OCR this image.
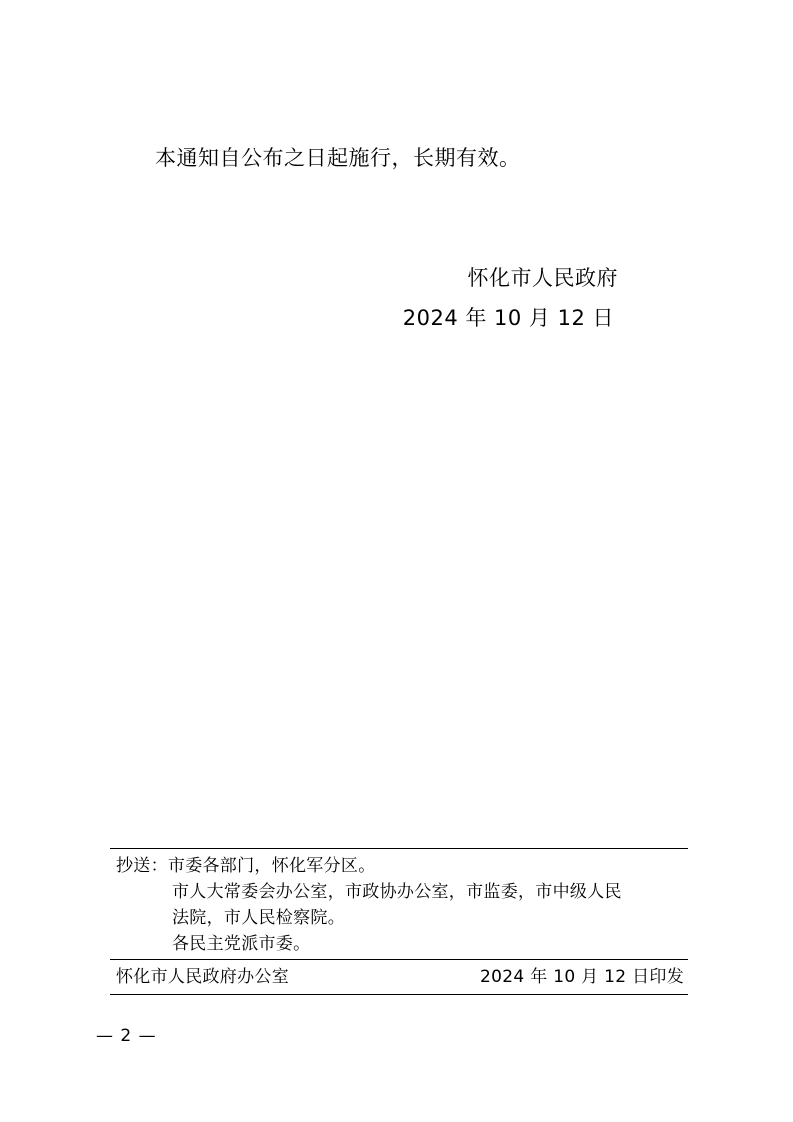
本通知自公布之日起施行，长期有效。
怀化市人民政府
2024 年 10 月 12 日
抄送： 市委各部门，怀化军分区。
市人大常委会办公室，市政协办公室，市监委，市中级人民
法院，市人民检察院。
各民主党派市委。
怀化市人民政府办公室	2024 年 10 月 12 日印发
— 2 —
